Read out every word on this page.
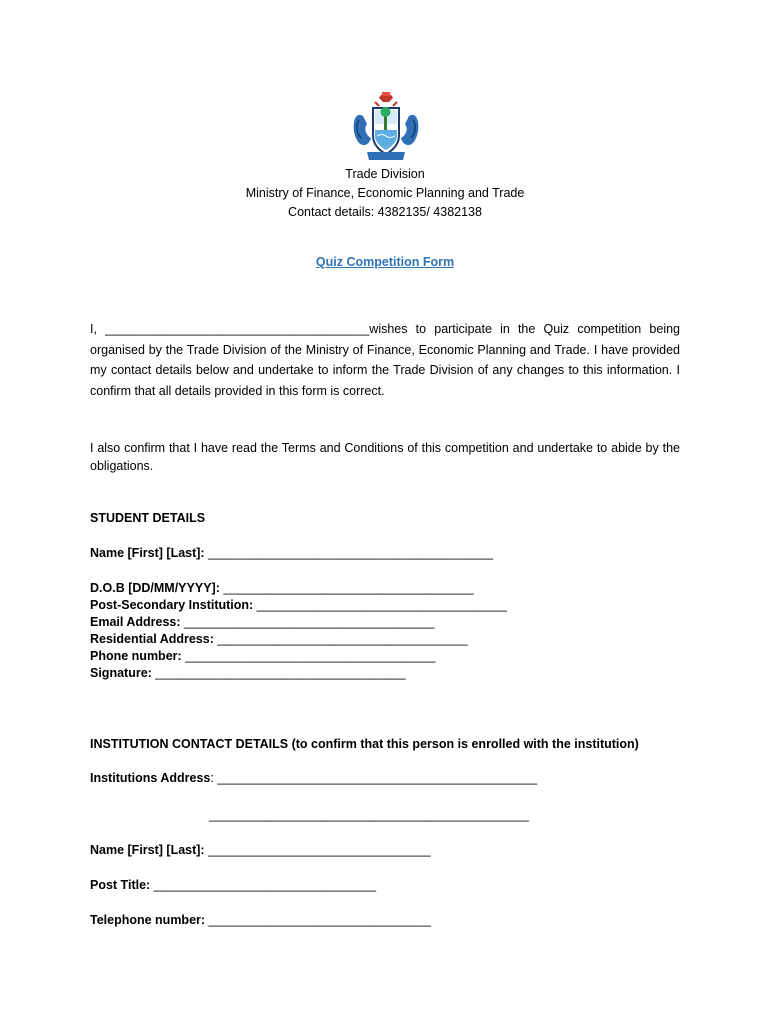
Trade Division
Ministry of Finance, Economic Planning and Trade
Contact details: 4382135/ 4382138
Quiz Competition Form

I, ______________________________________wishes to participate in the Quiz competition being organised by the Trade Division of the Ministry of Finance, Economic Planning and Trade. I have provided my contact details below and undertake to inform the Trade Division of any changes to this information. I confirm that all details provided in this form is correct.

I also confirm that I have read the Terms and Conditions of this competition and undertake to abide by the obligations.

STUDENT DETAILS
Name [First] [Last]: _________________________________________
D.O.B [DD/MM/YYYY]: ____________________________________
Post-Secondary Institution: ____________________________________
Email Address: ____________________________________
Residential Address: ____________________________________
Phone number: ____________________________________
Signature: ____________________________________
INSTITUTION CONTACT DETAILS (to confirm that this person is enrolled with the institution)
Institutions Address: ______________________________________________
______________________________________________
Name [First] [Last]: ________________________________
Post Title: ________________________________
Telephone number: ________________________________
